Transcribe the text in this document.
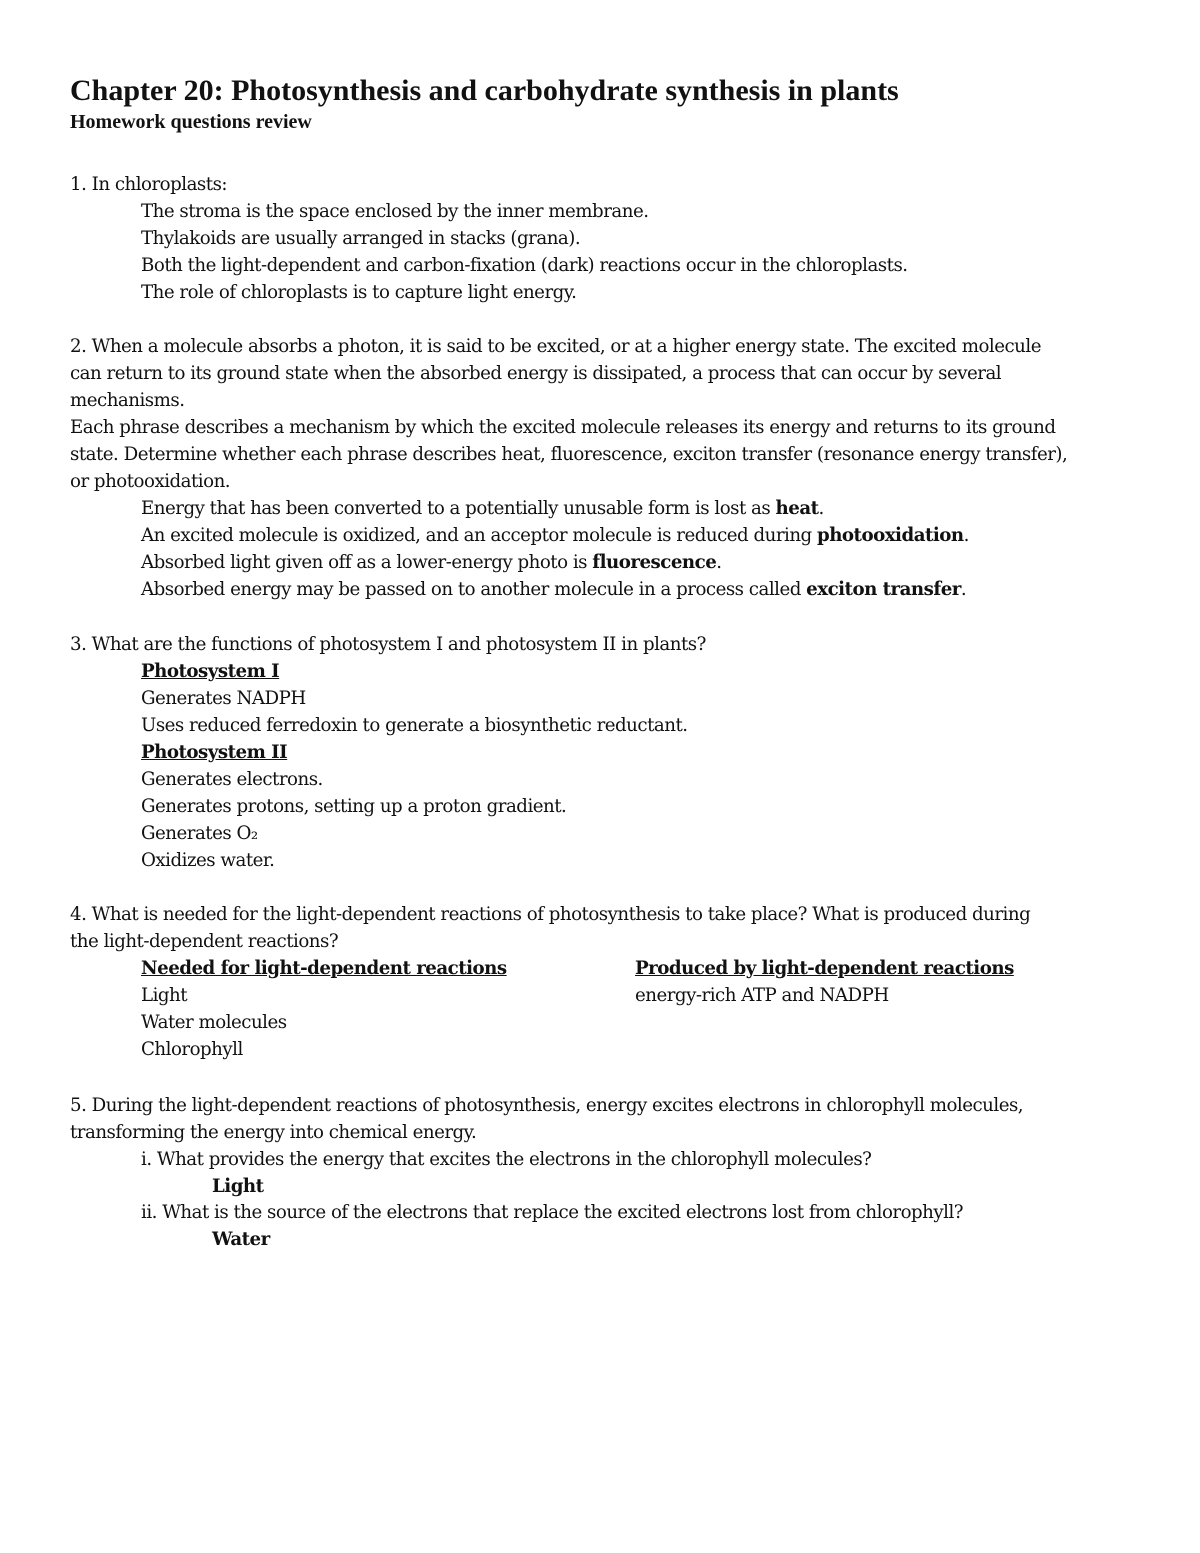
Chapter 20: Photosynthesis and carbohydrate synthesis in plants
Homework questions review
1. In chloroplasts:
The stroma is the space enclosed by the inner membrane.
Thylakoids are usually arranged in stacks (grana).
Both the light-dependent and carbon-fixation (dark) reactions occur in the chloroplasts.
The role of chloroplasts is to capture light energy.
2. When a molecule absorbs a photon, it is said to be excited, or at a higher energy state. The excited molecule
can return to its ground state when the absorbed energy is dissipated, a process that can occur by several
mechanisms.
Each phrase describes a mechanism by which the excited molecule releases its energy and returns to its ground
state. Determine whether each phrase describes heat, fluorescence, exciton transfer (resonance energy transfer),
or photooxidation.
Energy that has been converted to a potentially unusable form is lost as heat.
An excited molecule is oxidized, and an acceptor molecule is reduced during photooxidation.
Absorbed light given off as a lower-energy photo is fluorescence.
Absorbed energy may be passed on to another molecule in a process called exciton transfer.
3. What are the functions of photosystem I and photosystem II in plants?
Photosystem I
Generates NADPH
Uses reduced ferredoxin to generate a biosynthetic reductant.
Photosystem II
Generates electrons.
Generates protons, setting up a proton gradient.
Generates O₂
Oxidizes water.
4. What is needed for the light-dependent reactions of photosynthesis to take place? What is produced during
the light-dependent reactions?
Needed for light-dependent reactions	Produced by light-dependent reactions
Light	energy-rich ATP and NADPH
Water molecules
Chlorophyll
5. During the light-dependent reactions of photosynthesis, energy excites electrons in chlorophyll molecules,
transforming the energy into chemical energy.
i. What provides the energy that excites the electrons in the chlorophyll molecules?
Light
ii. What is the source of the electrons that replace the excited electrons lost from chlorophyll?
Water
